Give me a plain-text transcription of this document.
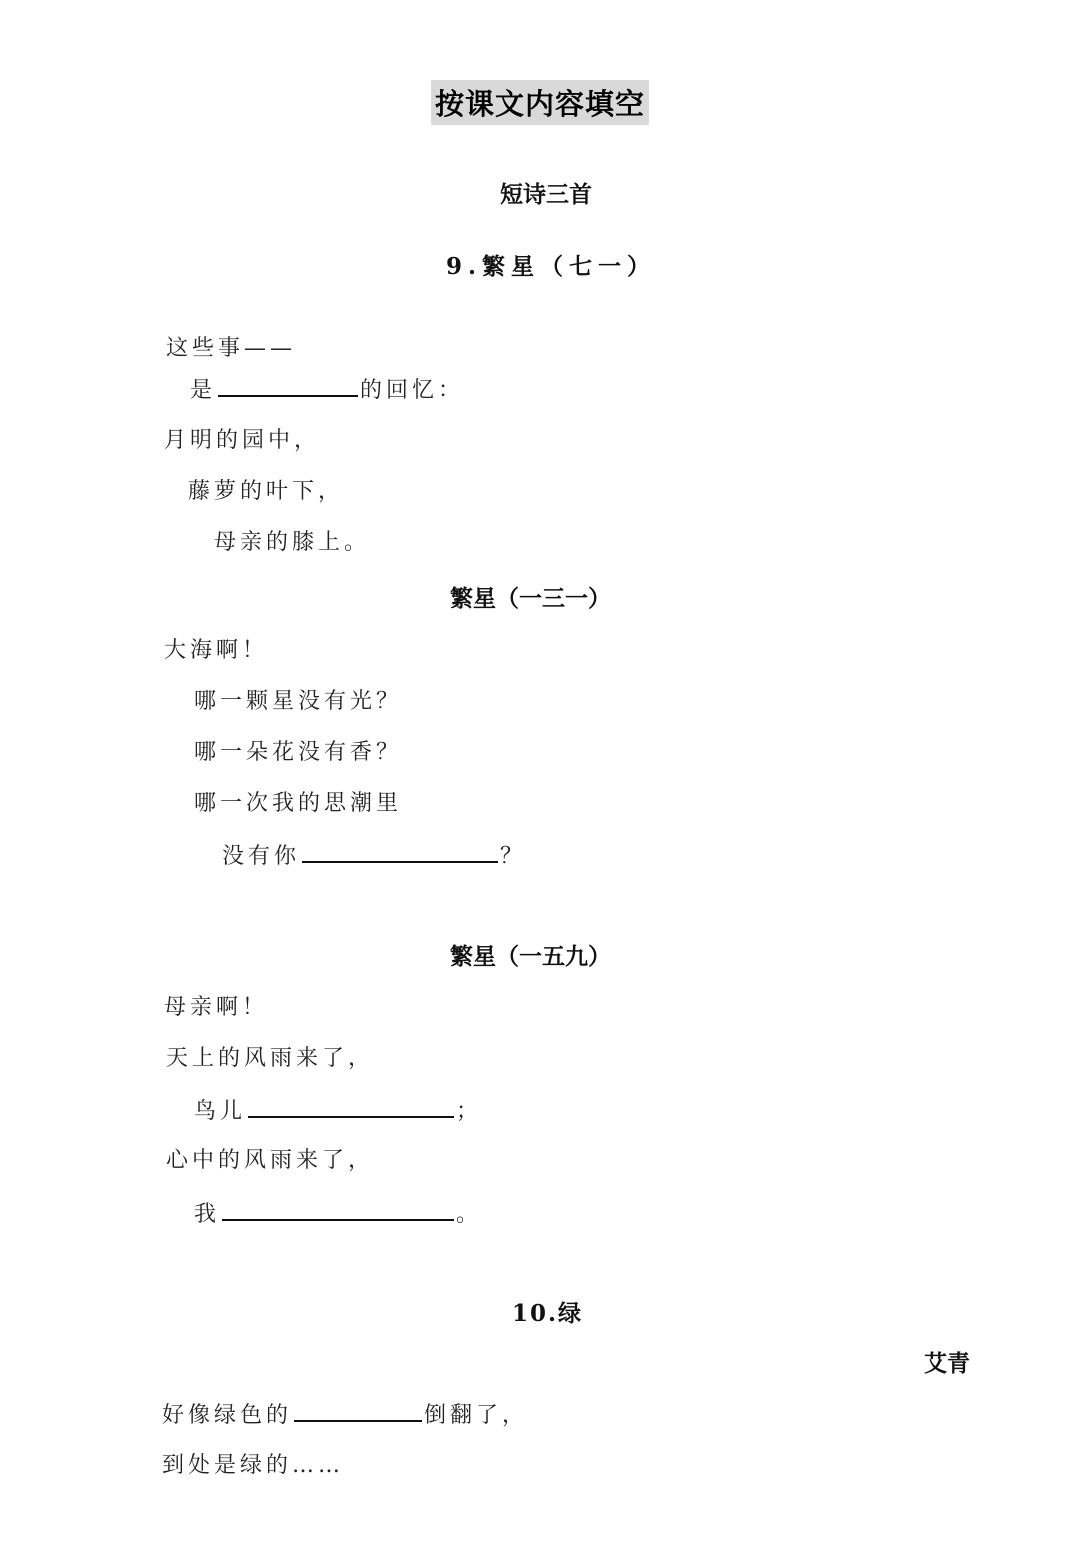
按课文内容填空
短诗三首
9.繁星（七一）
这些事——
是	的回忆：
月明的园中，
藤萝的叶下，
母亲的膝上。
繁星（一三一）
大海啊！
哪一颗星没有光？
哪一朵花没有香？
哪一次我的思潮里
没有你	？
繁星（一五九）
母亲啊！
天上的风雨来了，
鸟儿	；
心中的风雨来了，
我	。
10.绿
艾青
好像绿色的	倒翻了，
到处是绿的……
